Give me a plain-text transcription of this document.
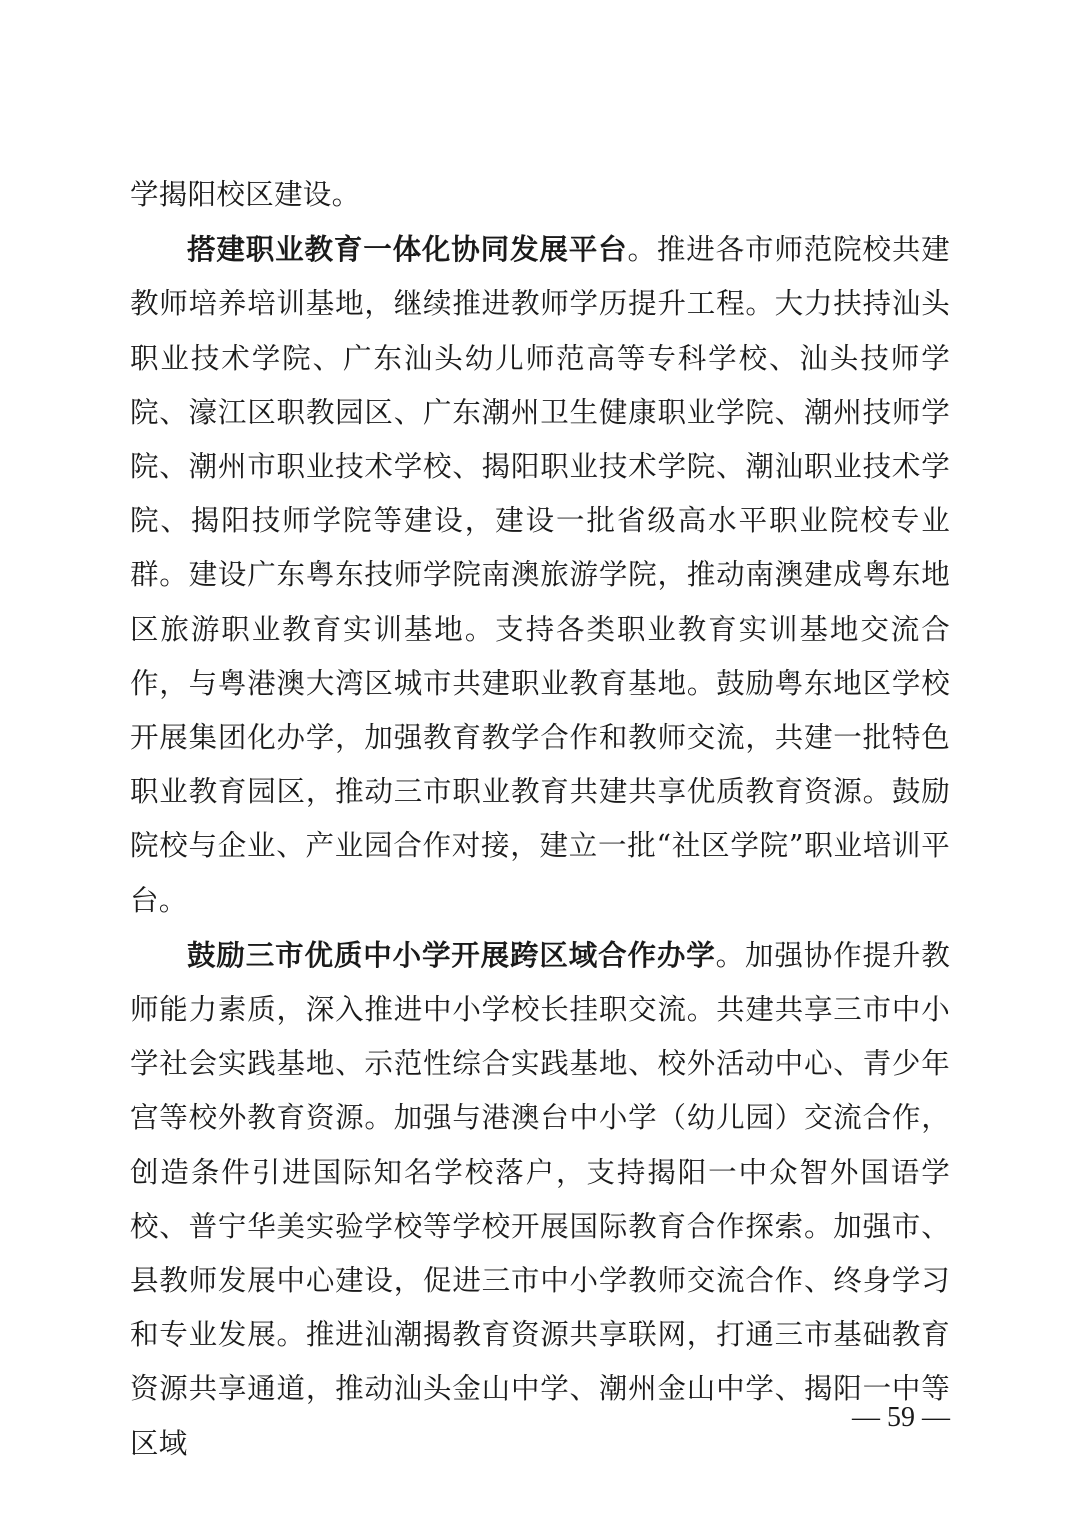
学揭阳校区建设。

搭建职业教育一体化协同发展平台。推进各市师范院校共建教师培养培训基地，继续推进教师学历提升工程。大力扶持汕头职业技术学院、广东汕头幼儿师范高等专科学校、汕头技师学院、濠江区职教园区、广东潮州卫生健康职业学院、潮州技师学院、潮州市职业技术学校、揭阳职业技术学院、潮汕职业技术学院、揭阳技师学院等建设，建设一批省级高水平职业院校专业群。建设广东粤东技师学院南澳旅游学院，推动南澳建成粤东地区旅游职业教育实训基地。支持各类职业教育实训基地交流合作，与粤港澳大湾区城市共建职业教育基地。鼓励粤东地区学校开展集团化办学，加强教育教学合作和教师交流，共建一批特色职业教育园区，推动三市职业教育共建共享优质教育资源。鼓励院校与企业、产业园合作对接，建立一批“社区学院”职业培训平台。

鼓励三市优质中小学开展跨区域合作办学。加强协作提升教师能力素质，深入推进中小学校长挂职交流。共建共享三市中小学社会实践基地、示范性综合实践基地、校外活动中心、青少年宫等校外教育资源。加强与港澳台中小学（幼儿园）交流合作，创造条件引进国际知名学校落户，支持揭阳一中众智外国语学校、普宁华美实验学校等学校开展国际教育合作探索。加强市、县教师发展中心建设，促进三市中小学教师交流合作、终身学习和专业发展。推进汕潮揭教育资源共享联网，打通三市基础教育资源共享通道，推动汕头金山中学、潮州金山中学、揭阳一中等区域

— 59 —
